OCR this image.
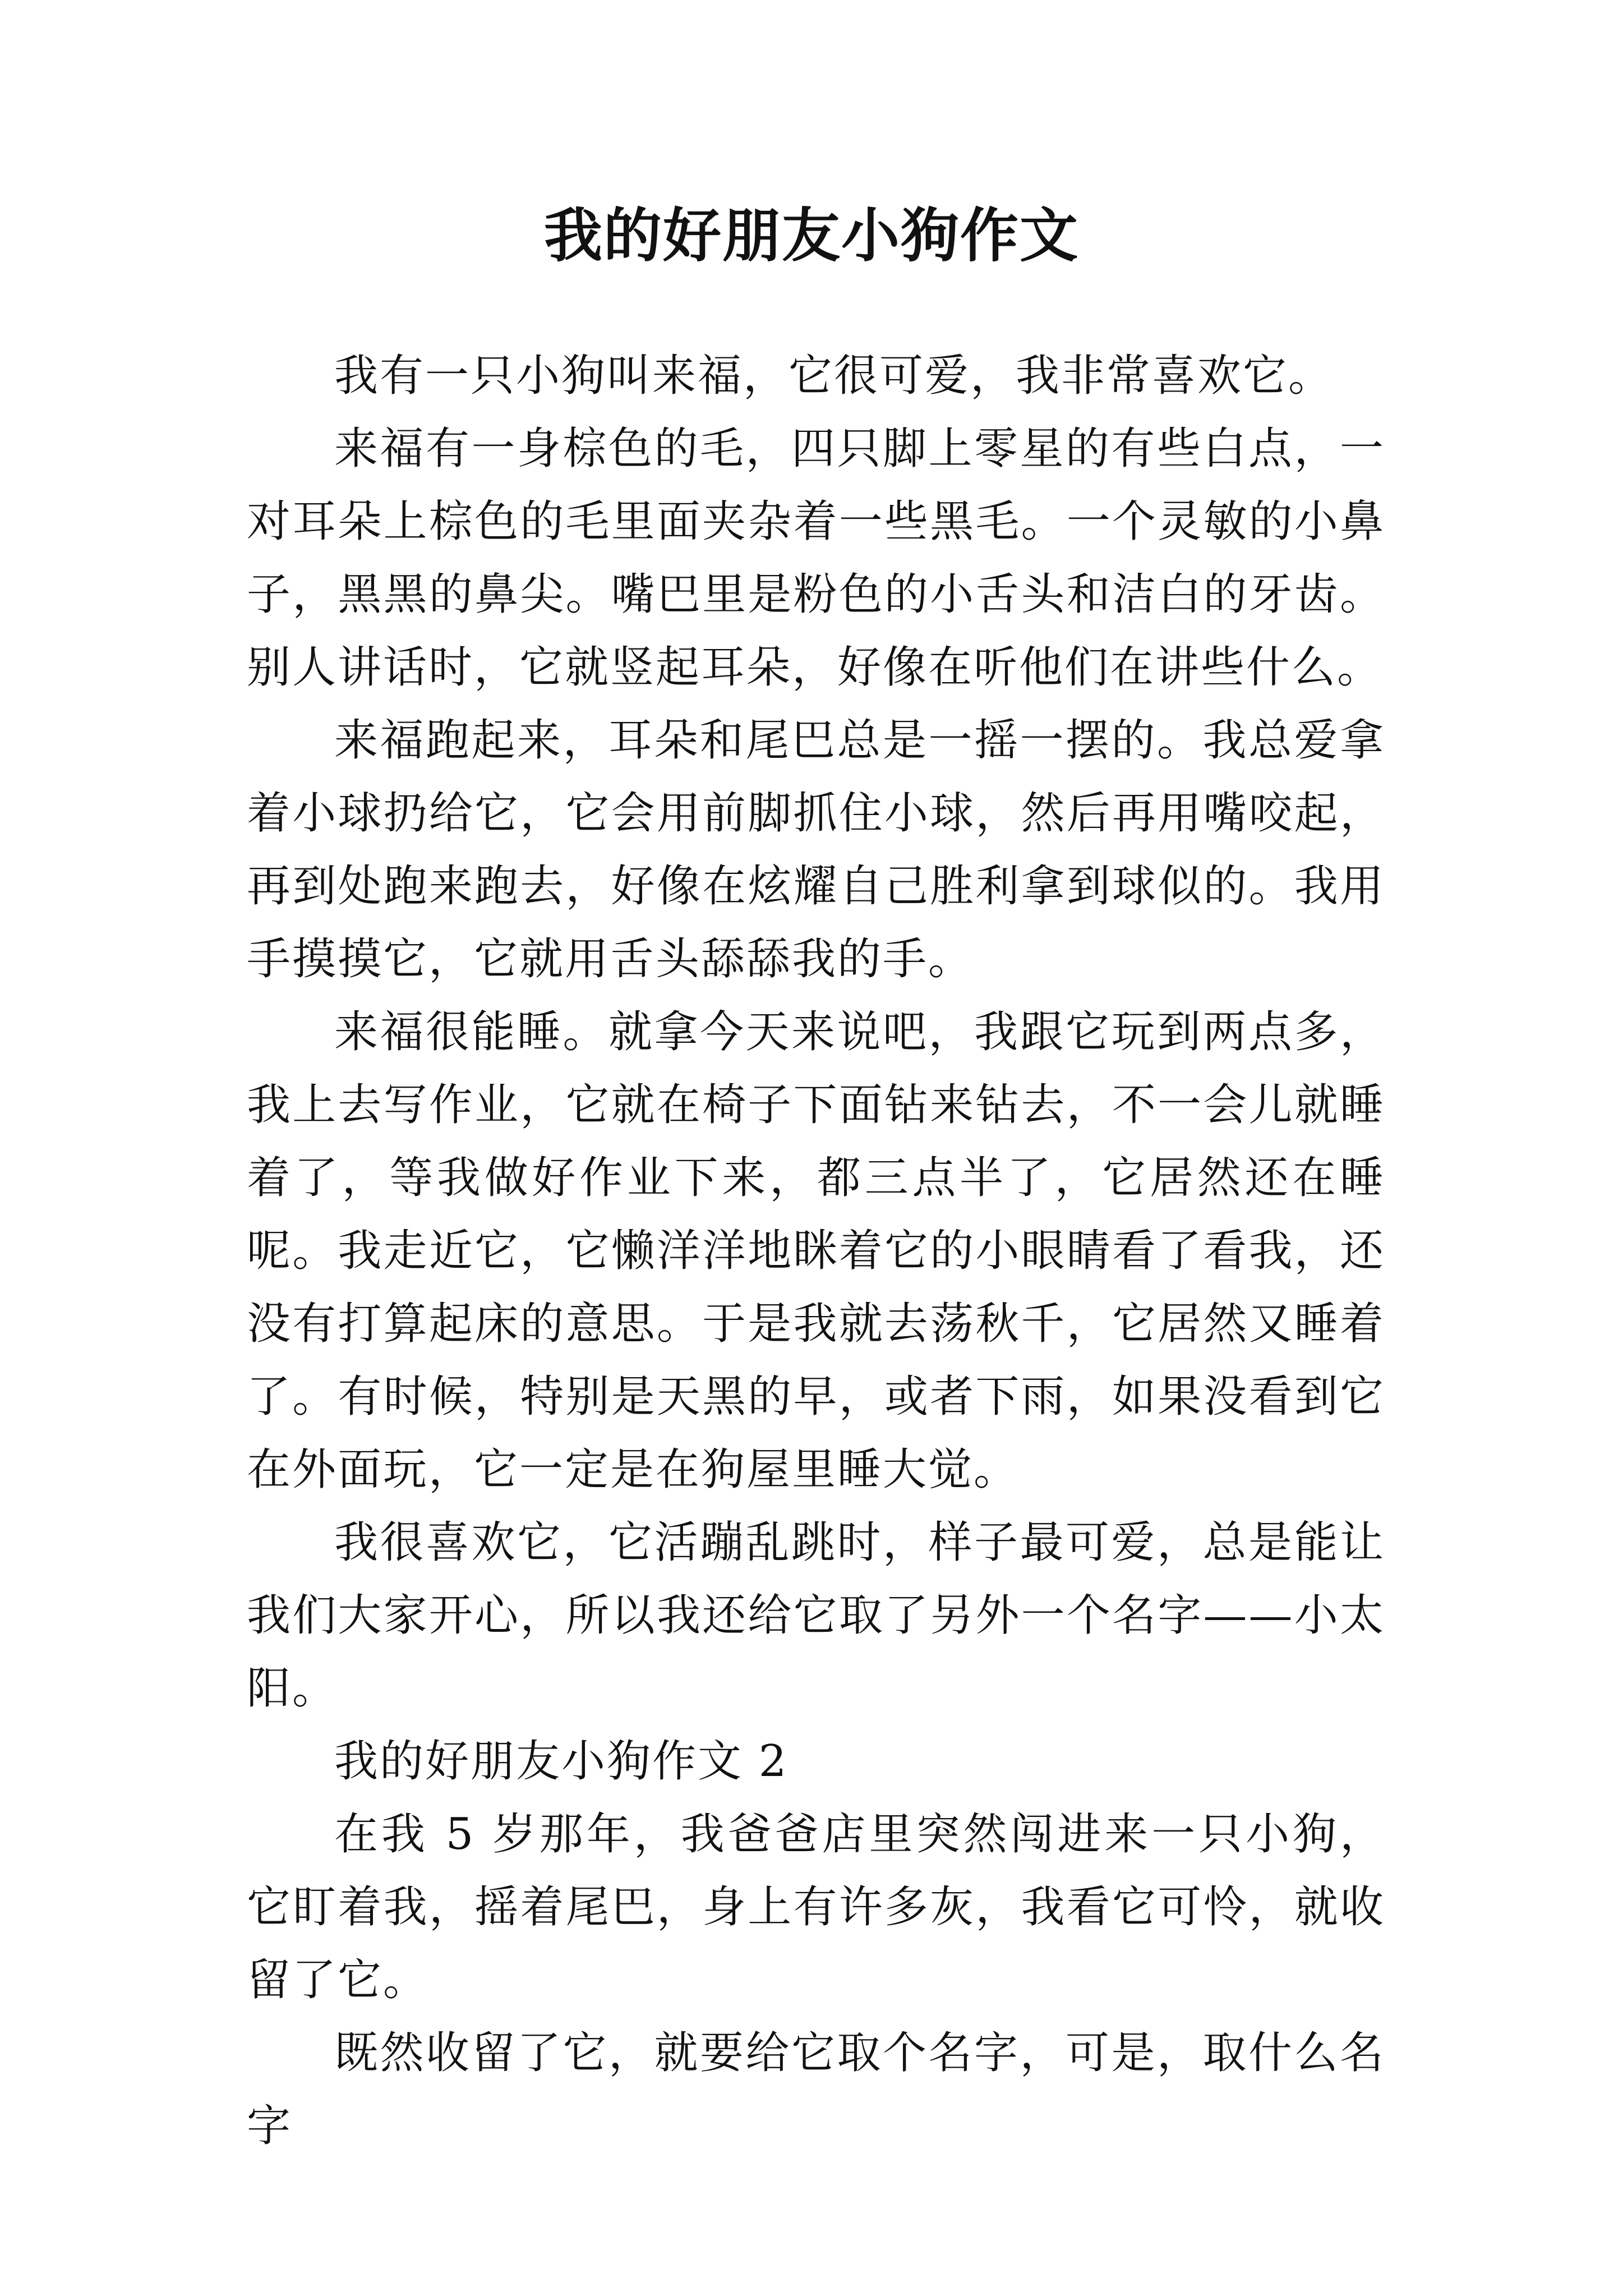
我的好朋友小狗作文

我有一只小狗叫来福，它很可爱，我非常喜欢它。

来福有一身棕色的毛，四只脚上零星的有些白点，一对耳朵上棕色的毛里面夹杂着一些黑毛。一个灵敏的小鼻子，黑黑的鼻尖。嘴巴里是粉色的小舌头和洁白的牙齿。别人讲话时，它就竖起耳朵，好像在听他们在讲些什么。

来福跑起来，耳朵和尾巴总是一摇一摆的。我总爱拿着小球扔给它，它会用前脚抓住小球，然后再用嘴咬起，再到处跑来跑去，好像在炫耀自己胜利拿到球似的。我用手摸摸它，它就用舌头舔舔我的手。

来福很能睡。就拿今天来说吧，我跟它玩到两点多，我上去写作业，它就在椅子下面钻来钻去，不一会儿就睡着了，等我做好作业下来，都三点半了，它居然还在睡呢。我走近它，它懒洋洋地眯着它的小眼睛看了看我，还没有打算起床的意思。于是我就去荡秋千，它居然又睡着了。有时候，特别是天黑的早，或者下雨，如果没看到它在外面玩，它一定是在狗屋里睡大觉。

我很喜欢它，它活蹦乱跳时，样子最可爱，总是能让我们大家开心，所以我还给它取了另外一个名字——小太阳。

我的好朋友小狗作文 2

在我 5 岁那年，我爸爸店里突然闯进来一只小狗，它盯着我，摇着尾巴，身上有许多灰，我看它可怜，就收留了它。

既然收留了它，就要给它取个名字，可是，取什么名字
